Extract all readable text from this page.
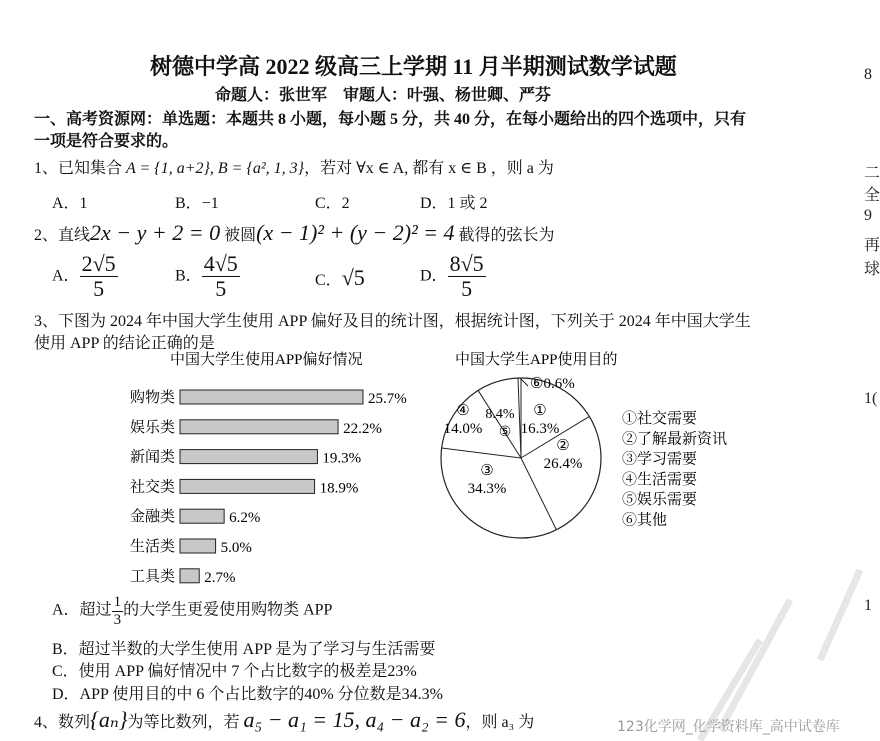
树德中学高 2022 级高三上学期 11 月半期测试数学试题
命题人：张世军　审题人：叶强、杨世卿、严芬
一、高考资源网：单选题：本题共 8 小题，每小题 5 分，共 40 分，在每小题给出的四个选项中，只有
一项是符合要求的。
1、已知集合 A = {1, a+2}, B = {a², 1, 3}，若对 ∀x ∈ A, 都有 x ∈ B ，则 a 为
A．1	B．−1	C．2	D．1 或 2
2、直线2x − y + 2 = 0 被圆(x − 1)² + (y − 2)² = 4 截得的弦长为
A． $\frac{2√5}{5}$	B． $\frac{4√5}{5}$	C．√5	D． $\frac{8√5}{5}$
3、下图为 2024 年中国大学生使用 APP 偏好及目的统计图，根据统计图，下列关于 2024 年中国大学生
使用 APP 的结论正确的是
中国大学生使用APP偏好情况
购物类	25.7%
娱乐类	22.2%
新闻类	19.3%
社交类	18.9%
金融类	6.2%
生活类	5.0%
工具类 2.7%
中国大学生APP使用目的
①
16.3%
②
26.4%
③
34.3%
④
14.0%
8.4%
⑤
⑥0.6%
①社交需要
②了解最新资讯
③学习需要
④生活需要
⑤娱乐需要
⑥其他
A．超过 $\frac{1}{3}$ 的大学生更爱使用购物类 APP
B．超过半数的大学生使用 APP 是为了学习与生活需要
C．使用 APP 偏好情况中 7 个占比数字的极差是23%
D．APP 使用目的中 6 个占比数字的40% 分位数是34.3%
4、数列{aₙ}为等比数列，若 a₅ − a₁ = 15, a₄ − a₂ = 6，则 a₃ 为
8
二
全
9
再
球
1(
1
123化学网_化学资料库_高中试卷库
